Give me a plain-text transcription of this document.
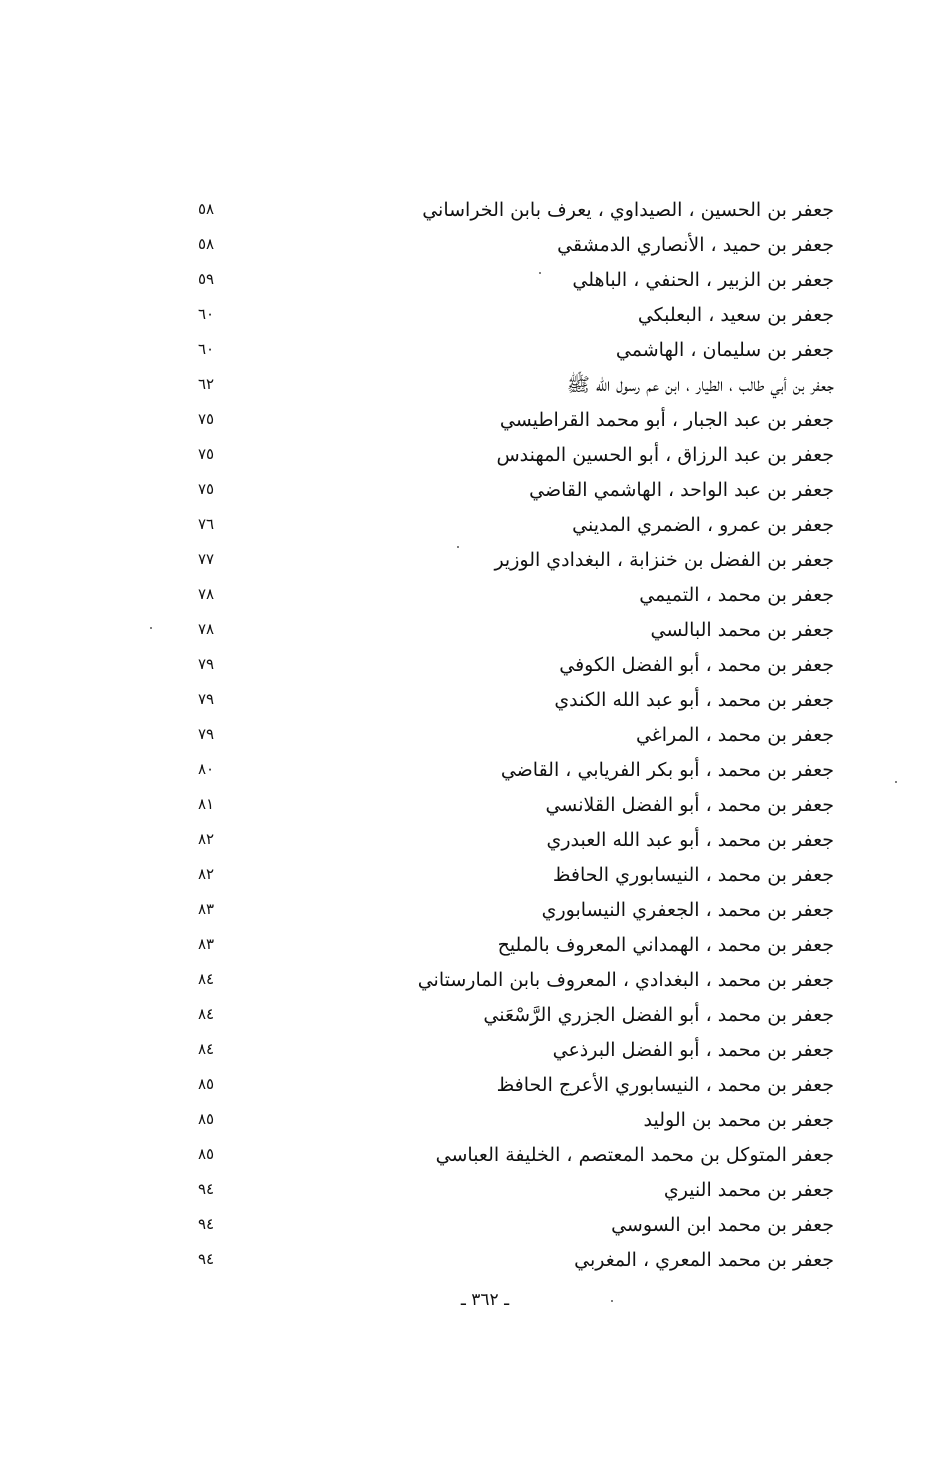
جعفر بن الحسين ، الصيداوي ، يعرف بابن الخراساني
٥٨
جعفر بن حميد ، الأنصاري الدمشقي
٥٨
جعفر بن الزبير ، الحنفي ، الباهلي
٥٩
جعفر بن سعيد ، البعلبكي
٦٠
جعفر بن سليمان ، الهاشمي
٦٠
جعفر بن أبي طالب ، الطيار ، ابن عم رسول الله ﷺ
٦٢
جعفر بن عبد الجبار ، أبو محمد القراطيسي
٧٥
جعفر بن عبد الرزاق ، أبو الحسين المهندس
٧٥
جعفر بن عبد الواحد ، الهاشمي القاضي
٧٥
جعفر بن عمرو ، الضمري المديني
٧٦
جعفر بن الفضل بن خنزابة ، البغدادي الوزير
٧٧
جعفر بن محمد ، التميمي
٧٨
جعفر بن محمد البالسي
٧٨
جعفر بن محمد ، أبو الفضل الكوفي
٧٩
جعفر بن محمد ، أبو عبد الله الكندي
٧٩
جعفر بن محمد ، المراغي
٧٩
جعفر بن محمد ، أبو بكر الفريابي ، القاضي
٨٠
جعفر بن محمد ، أبو الفضل القلانسي
٨١
جعفر بن محمد ، أبو عبد الله العبدري
٨٢
جعفر بن محمد ، النيسابوري الحافظ
٨٢
جعفر بن محمد ، الجعفري النيسابوري
٨٣
جعفر بن محمد ، الهمداني المعروف بالمليح
٨٣
جعفر بن محمد ، البغدادي ، المعروف بابن المارستاني
٨٤
جعفر بن محمد ، أبو الفضل الجزري الرَّسْعَني
٨٤
جعفر بن محمد ، أبو الفضل البرذعي
٨٤
جعفر بن محمد ، النيسابوري الأعرج الحافظ
٨٥
جعفر بن محمد بن الوليد
٨٥
جعفر المتوكل بن محمد المعتصم ، الخليفة العباسي
٨٥
جعفر بن محمد النيري
٩٤
جعفر بن محمد ابن السوسي
٩٤
جعفر بن محمد المعري ، المغربي
٩٤
ـ ٣٦٢ ـ
